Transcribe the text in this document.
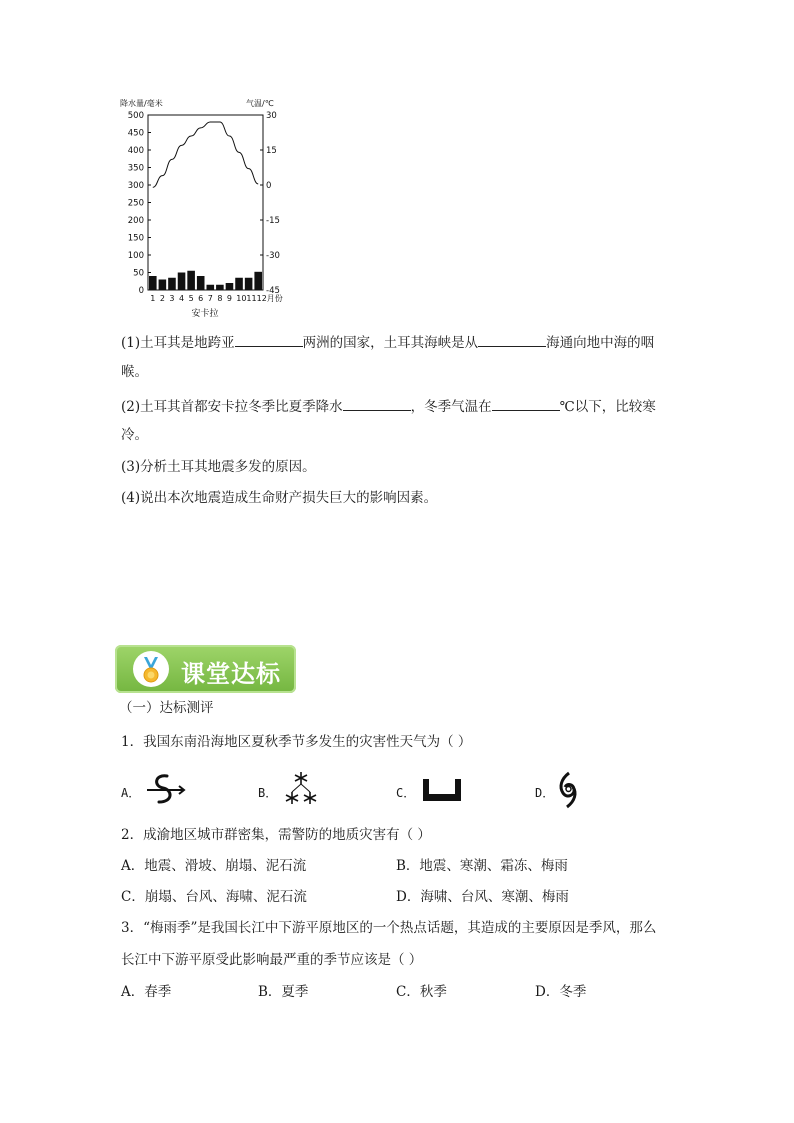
降水量/毫米	气温/℃
500
450
400
350
300
250
200
150
100
50
0
30
15
0
-15
-30
-45
1 2 3 4 5 6 7 8 9 101112月份
安卡拉
(1)土耳其是地跨亚	两洲的国家，土耳其海峡是从	海通向地中海的咽
喉。
(2)土耳其首都安卡拉冬季比夏季降水	，冬季气温在	℃以下，比较寒
冷。
(3)分析土耳其地震多发的原因。
(4)说出本次地震造成生命财产损失巨大的影响因素。
课堂达标
（一）达标测评
1．我国东南沿海地区夏秋季节多发生的灾害性天气为（ ）
A．	B．	C．	D．
2．成渝地区城市群密集，需警防的地质灾害有（ ）
A．地震、滑坡、崩塌、泥石流	B．地震、寒潮、霜冻、梅雨
C．崩塌、台风、海啸、泥石流	D．海啸、台风、寒潮、梅雨
3．“梅雨季”是我国长江中下游平原地区的一个热点话题，其造成的主要原因是季风，那么
长江中下游平原受此影响最严重的季节应该是（ ）
A．春季	B．夏季	C．秋季	D．冬季
